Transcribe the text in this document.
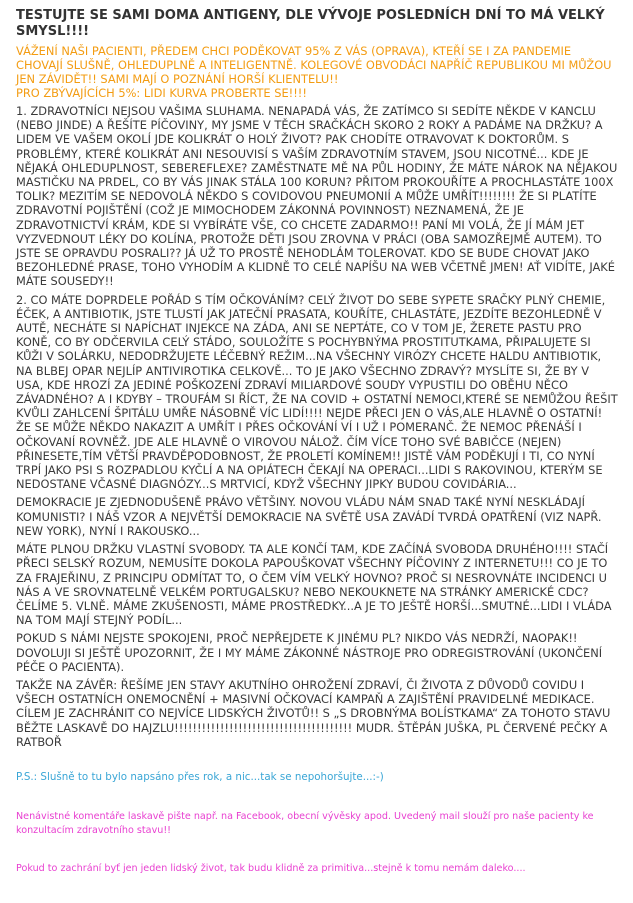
TESTUJTE SE SAMI DOMA ANTIGENY, DLE VÝVOJE POSLEDNÍCH DNÍ TO MÁ VELKÝ SMYSL!!!!

VÁŽENÍ NAŠI PACIENTI, PŘEDEM CHCI PODĚKOVAT 95% Z VÁS (OPRAVA), KTEŘÍ SE I ZA PANDEMIE CHOVAJÍ SLUŠNĚ, OHLEDUPLNĚ A INTELIGENTNĚ. KOLEGOVÉ OBVODÁCI NAPŘÍČ REPUBLIKOU MI MŮŽOU JEN ZÁVIDĚT!! SAMI MAJÍ O POZNÁNÍ HORŠÍ KLIENTELU!!

PRO ZBÝVAJÍCÍCH 5%: LIDI KURVA PROBERTE SE!!!!

1. ZDRAVOTNÍCI NEJSOU VAŠIMA SLUHAMA. NENAPADÁ VÁS, ŽE ZATÍMCO SI SEDÍTE NĚKDE V KANCLU (NEBO JINDE) A ŘEŠÍTE PÍČOVINY, MY JSME V TĚCH SRAČKÁCH SKORO 2 ROKY A PADÁME NA DRŽKU? A LIDEM VE VAŠEM OKOLÍ JDE KOLIKRÁT O HOLÝ ŽIVOT? PAK CHODÍTE OTRAVOVAT K DOKTORŮM. S PROBLÉMY, KTERÉ KOLIKRÁT ANI NESOUVISÍ S VAŠÍM ZDRAVOTNÍM STAVEM, JSOU NICOTNÉ... KDE JE NĚJAKÁ OHLEDUPLNOST, SEBEREFLEXE? ZAMĚSTNATE MĚ NA PŮL HODINY, ŽE MÁTE NÁROK NA NĚJAKOU MASTIČKU NA PRDEL, CO BY VÁS JINAK STÁLA 100 KORUN? PŘITOM PROKOUŘÍTE A PROCHLASTÁTE 100X TOLIK? MEZITÍM SE NEDOVOLÁ NĚKDO S COVIDOVOU PNEUMONIÍ A MŮŽE UMŘÍT!!!!!!!! ŽE SI PLATÍTE ZDRAVOTNÍ POJIŠTĚNÍ (COŽ JE MIMOCHODEM ZÁKONNÁ POVINNOST) NEZNAMENÁ, ŽE JE ZDRAVOTNICTVÍ KRÁM, KDE SI VYBÍRÁTE VŠE, CO CHCETE ZADARMO!! PANÍ MI VOLÁ, ŽE JÍ MÁM JET VYZVEDNOUT LÉKY DO KOLÍNA, PROTOŽE DĚTI JSOU ZROVNA V PRÁCI (OBA SAMOZŘEJMĚ AUTEM). TO JSTE SE OPRAVDU POSRALI?? JÁ UŽ TO PROSTĚ NEHODLÁM TOLEROVAT. KDO SE BUDE CHOVAT JAKO BEZOHLEDNÉ PRASE, TOHO VYHODÍM A KLIDNĚ TO CELÉ NAPÍŠU NA WEB VČETNĚ JMEN! AŤ VIDÍTE, JAKÉ MÁTE SOUSEDY!!

2. CO MÁTE DOPRDELE POŘÁD S TÍM OČKOVÁNÍM? CELÝ ŽIVOT DO SEBE SYPETE SRAČKY PLNÝ CHEMIE, ÉČEK, A ANTIBIOTIK, JSTE TLUSTÍ JAK JATEČNÍ PRASATA, KOUŘÍTE, CHLASTÁTE, JEZDÍTE BEZOHLEDNĚ V AUTĚ, NECHÁTE SI NAPÍCHAT INJEKCE NA ZÁDA, ANI SE NEPTÁTE, CO V TOM JE, ŽERETE PASTU PRO KONĚ, CO BY ODČERVILA CELÝ STÁDO, SOULOŽÍTE S POCHYBNÝMA PROSTITUTKAMA, PŘIPALUJETE SI KŮŽI V SOLÁRKU, NEDODRŽUJETE LÉČEBNÝ REŽIM...NA VŠECHNY VIRÓZY CHCETE HALDU ANTIBIOTIK, NA BLBEJ OPAR NEJLÍP ANTIVIROTIKA CELKOVĚ... TO JE JAKO VŠECHNO ZDRAVÝ? MYSLÍTE SI, ŽE BY V USA, KDE HROZÍ ZA JEDINÉ POŠKOZENÍ ZDRAVÍ MILIARDOVÉ SOUDY VYPUSTILI DO OBĚHU NĚCO ZÁVADNÉHO? A I KDYBY – TROUFÁM SI ŘÍCT, ŽE NA COVID + OSTATNÍ NEMOCI,KTERÉ SE NEMŮŽOU ŘEŠIT KVŮLI ZAHLCENÍ ŠPITÁLU UMŘE NÁSOBNĚ VÍC LIDÍ!!!! NEJDE PŘECI JEN O VÁS,ALE HLAVNĚ O OSTATNÍ! ŽE SE MŮŽE NĚKDO NAKAZIT A UMŘÍT I PŘES OČKOVÁNÍ VÍ I UŽ I POMERANČ. ŽE NEMOC PŘENÁŠÍ I OČKOVANÍ ROVNĚŽ. JDE ALE HLAVNĚ O VIROVOU NÁLOŽ. ČÍM VÍCE TOHO SVÉ BABIČCE (NEJEN) PŘINESETE,TÍM VĚTŠÍ PRAVDĚPODOBNOST, ŽE PROLETÍ KOMÍNEM!! JISTĚ VÁM PODĚKUJÍ I TI, CO NYNÍ TRPÍ JAKO PSI S ROZPADLOU KYČLÍ A NA OPIÁTECH ČEKAJÍ NA OPERACI...LIDI S RAKOVINOU, KTERÝM SE NEDOSTANE VČASNÉ DIAGNÓZY...S MRTVICÍ, KDYŽ VŠECHNY JIPKY BUDOU COVIDÁRIA...

DEMOKRACIE JE ZJEDNODUŠENĚ PRÁVO VĚTŠINY. NOVOU VLÁDU NÁM SNAD TAKÉ NYNÍ NESKLÁDAJÍ KOMUNISTI? I NÁŠ VZOR A NEJVĚTŠÍ DEMOKRACIE NA SVĚTĚ USA ZAVÁDÍ TVRDÁ OPATŘENÍ (VIZ NAPŘ. NEW YORK), NYNÍ I RAKOUSKO...

MÁTE PLNOU DRŽKU VLASTNÍ SVOBODY. TA ALE KONČÍ TAM, KDE ZAČÍNÁ SVOBODA DRUHÉHO!!!! STAČÍ PŘECI SELSKÝ ROZUM, NEMUSÍTE DOKOLA PAPOUŠKOVAT VŠECHNY PÍČOVINY Z INTERNETU!!! CO JE TO ZA FRAJEŘINU, Z PRINCIPU ODMÍTAT TO, O ČEM VÍM VELKÝ HOVNO? PROČ SI NESROVNÁTE INCIDENCI U NÁS A VE SROVNATELNĚ VELKÉM PORTUGALSKU? NEBO NEKOUKNETE NA STRÁNKY AMERICKÉ CDC? ČELÍME 5. VLNĚ. MÁME ZKUŠENOSTI, MÁME PROSTŘEDKY...A JE TO JEŠTĚ HORŠÍ...SMUTNÉ...LIDI I VLÁDA NA TOM MAJÍ STEJNÝ PODÍL...

POKUD S NÁMI NEJSTE SPOKOJENI, PROČ NEPŘEJDETE K JINÉMU PL? NIKDO VÁS NEDRŽÍ, NAOPAK!! DOVOLUJI SI JEŠTĚ UPOZORNIT, ŽE I MY MÁME ZÁKONNÉ NÁSTROJE PRO ODREGISTROVÁNÍ (UKONČENÍ PÉČE O PACIENTA).

TAKŽE NA ZÁVĚR: ŘEŠÍME JEN STAVY AKUTNÍHO OHROŽENÍ ZDRAVÍ, ČI ŽIVOTA Z DŮVODŮ COVIDU I VŠECH OSTATNÍCH ONEMOCNĚNÍ + MASIVNÍ OČKOVACÍ KAMPAŇ A ZAJIŠTĚNÍ PRAVIDELNÉ MEDIKACE. CÍLEM JE ZACHRÁNIT CO NEJVÍCE LIDSKÝCH ŽIVOTŮ!! S „S DROBNÝMA BOLÍSTKAMA“ ZA TOHOTO STAVU BĚŽTE LASKAVĚ DO HAJZLU!!!!!!!!!!!!!!!!!!!!!!!!!!!!!!!!!!!!!!! MUDR. ŠTĚPÁN JUŠKA, PL ČERVENÉ PEČKY A RATBOŘ

P.S.: Slušně to tu bylo napsáno přes rok, a nic...tak se nepohoršujte...:-)

Nenávistné komentáře laskavě pište např. na Facebook, obecní vývěsky apod. Uvedený mail slouží pro naše pacienty ke konzultacím zdravotního stavu!!

Pokud to zachrání byť jen jeden lidský život, tak budu klidně za primitiva...stejně k tomu nemám daleko....
